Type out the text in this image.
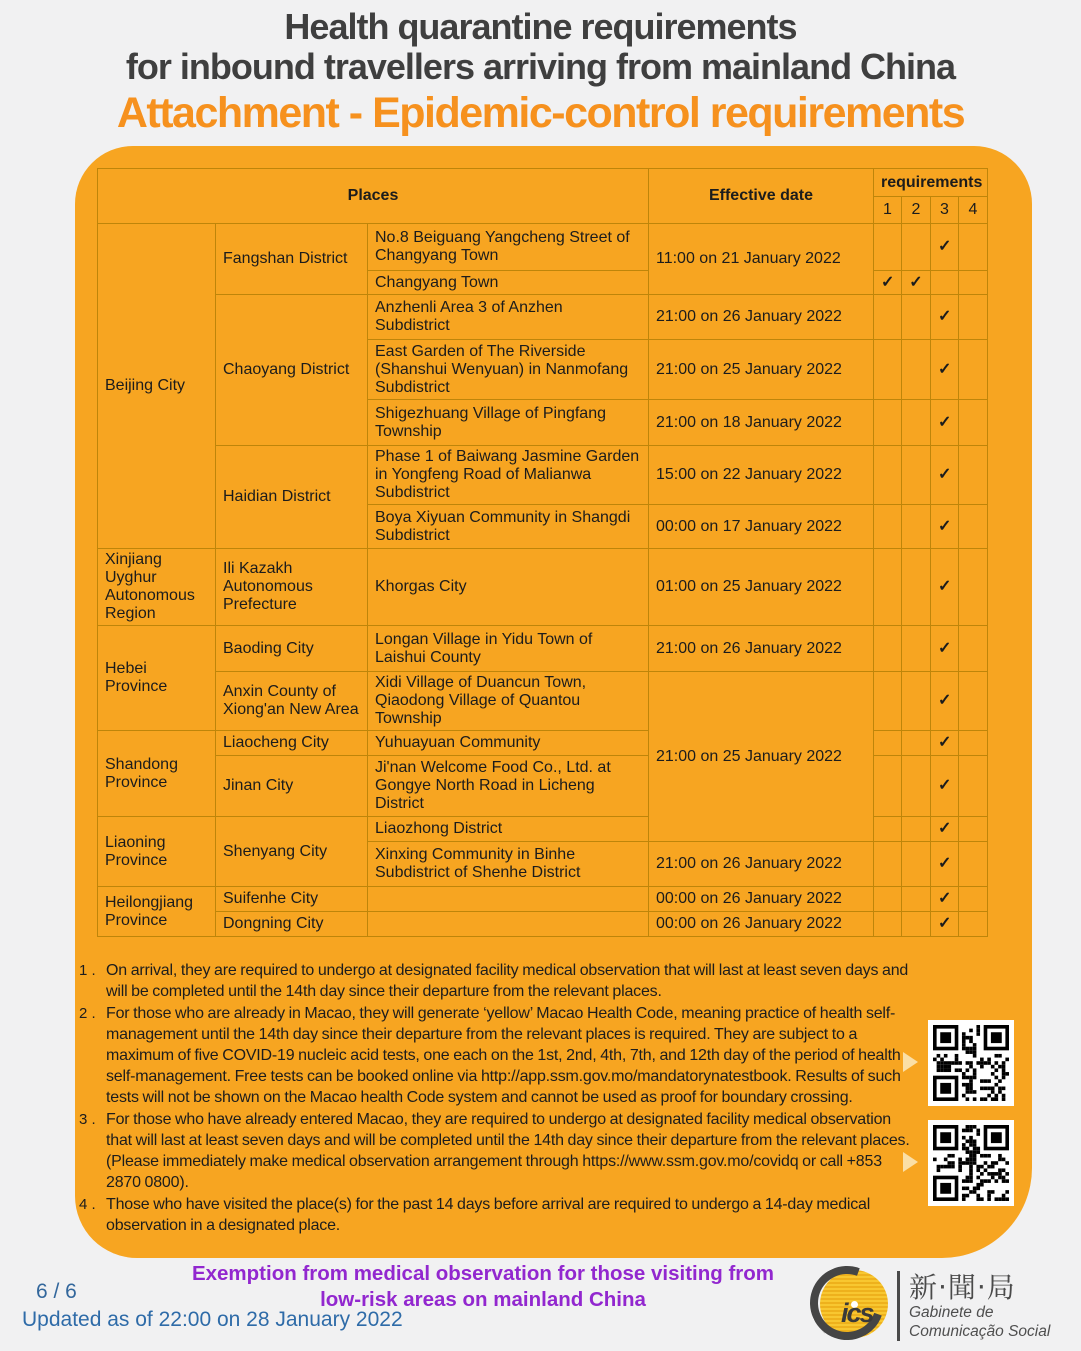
Health quarantine requirements
for inbound travellers arriving from mainland China
Attachment - Epidemic-control requirements
Places			Effective date	requirements			
				1	2	3	4
Beijing City	Fangshan District	No.8 Beiguang Yangcheng Street of Changyang Town	11:00 on 21 January 2022			✓	
		Changyang Town		✓	✓		
	Chaoyang District	Anzhenli Area 3 of Anzhen Subdistrict	21:00 on 26 January 2022			✓	
		East Garden of The Riverside (Shanshui Wenyuan) in Nanmofang Subdistrict	21:00 on 25 January 2022			✓	
		Shigezhuang Village of Pingfang Township	21:00 on 18 January 2022			✓	
	Haidian District	Phase 1 of Baiwang Jasmine Garden in Yongfeng Road of Malianwa Subdistrict	15:00 on 22 January 2022			✓	
		Boya Xiyuan Community in Shangdi Subdistrict	00:00 on 17 January 2022			✓	
Xinjiang Uyghur Autonomous Region	Ili Kazakh Autonomous Prefecture	Khorgas City	01:00 on 25 January 2022			✓	
Hebei Province	Baoding City	Longan Village in Yidu Town of Laishui County	21:00 on 26 January 2022			✓	
	Anxin County of Xiong'an New Area	Xidi Village of Duancun Town, Qiaodong Village of Quantou Township	21:00 on 25 January 2022			✓	
Shandong Province	Liaocheng City	Yuhuayuan Community				✓	
	Jinan City	Ji'nan Welcome Food Co., Ltd. at Gongye North Road in Licheng District				✓	
Liaoning Province	Shenyang City	Liaozhong District				✓	
		Xinxing Community in Binhe Subdistrict of Shenhe District	21:00 on 26 January 2022			✓	
Heilongjiang Province	Suifenhe City		00:00 on 26 January 2022			✓	
	Dongning City		00:00 on 26 January 2022			✓	
1 . On arrival, they are required to undergo at designated facility medical observation that will last at least seven days and will be completed until the 14th day since their departure from the relevant places.
2 . For those who are already in Macao, they will generate ‘yellow’ Macao Health Code, meaning practice of health self-management until the 14th day since their departure from the relevant places is required. They are subject to a maximum of five COVID-19 nucleic acid tests, one each on the 1st, 2nd, 4th, 7th, and 12th day of the period of health self-management. Free tests can be booked online via http://app.ssm.gov.mo/mandatorynatestbook. Results of such tests will not be shown on the Macao health Code system and cannot be used as proof for boundary crossing.
3 . For those who have already entered Macao, they are required to undergo at designated facility medical observation that will last at least seven days and will be completed until the 14th day since their departure from the relevant places. (Please immediately make medical observation arrangement through https://www.ssm.gov.mo/covidq or call +853 2870 0800).
4 . Those who have visited the place(s) for the past 14 days before arrival are required to undergo a 14-day medical observation in a designated place.
6 / 6
Updated as of 22:00 on 28 January 2022
Exemption from medical observation for those visiting from
low-risk areas on mainland China	ics
新‧聞‧局
Gabinete de
Comunicação Social
